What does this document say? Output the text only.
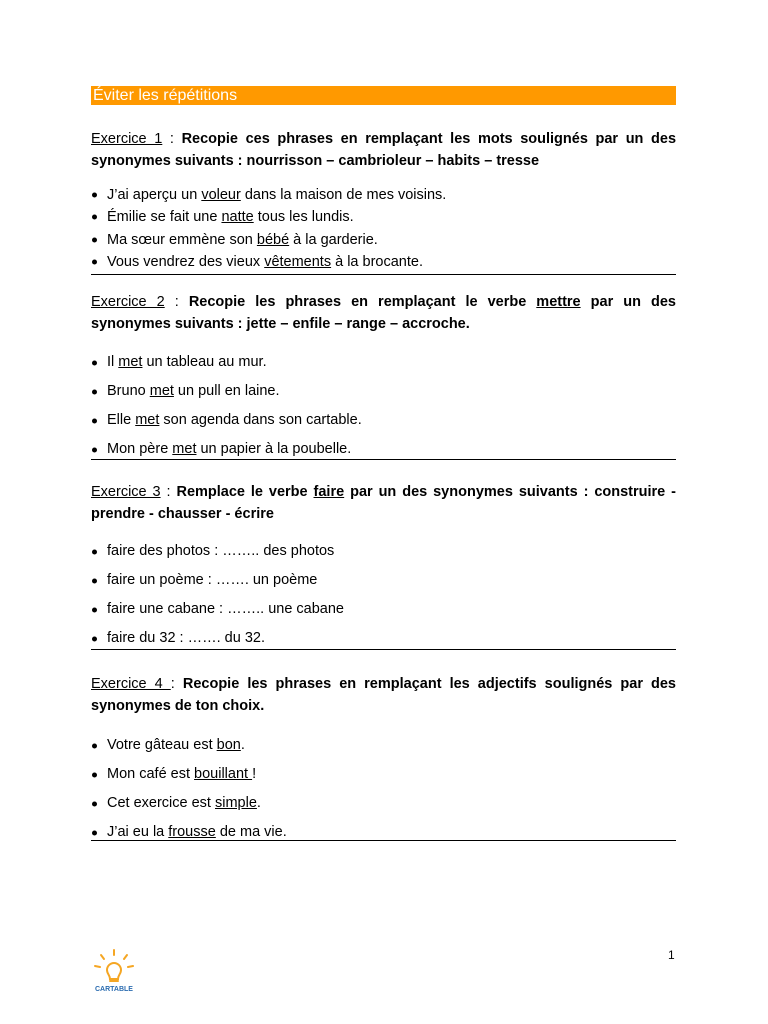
Éviter les répétitions
Exercice 1 : Recopie ces phrases en remplaçant les mots soulignés par un des synonymes suivants : nourrisson – cambrioleur – habits – tresse
J’ai aperçu un voleur dans la maison de mes voisins.
Émilie se fait une natte tous les lundis.
Ma sœur emmène son bébé à la garderie.
Vous vendrez des vieux vêtements à la brocante.
Exercice 2 : Recopie les phrases en remplaçant le verbe mettre par un des synonymes suivants : jette – enfile – range – accroche.
Il met un tableau au mur.
Bruno met un pull en laine.
Elle met son agenda dans son cartable.
Mon père met un papier à la poubelle.
Exercice 3 : Remplace le verbe faire par un des synonymes suivants : construire - prendre - chausser - écrire
faire des photos : …….. des photos
faire un poème : ……. un poème
faire une cabane : …….. une cabane
faire du 32 : ……. du 32.
Exercice 4 : Recopie les phrases en remplaçant les adjectifs soulignés par des synonymes de ton choix.
Votre gâteau est bon.
Mon café est bouillant !
Cet exercice est simple.
J’ai eu la frousse de ma vie.
CARTABLE
1
